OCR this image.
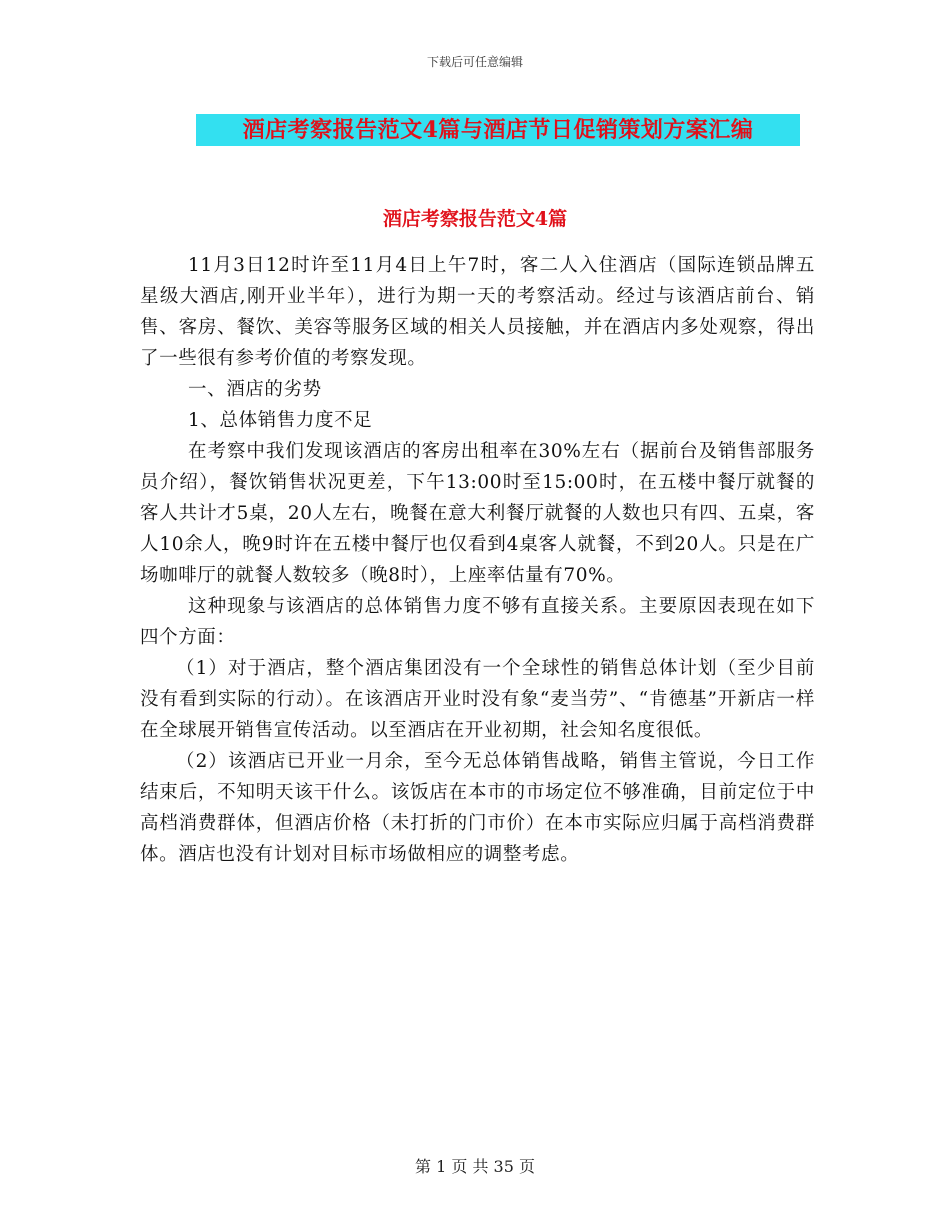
下载后可任意编辑
酒店考察报告范文4篇与酒店节日促销策划方案汇编
酒店考察报告范文4篇

11月3日12时许至11月4日上午7时，客二人入住酒店（国际连锁品牌五星级大酒店,刚开业半年），进行为期一天的考察活动。经过与该酒店前台、销售、客房、餐饮、美容等服务区域的相关人员接触，并在酒店内多处观察，得出了一些很有参考价值的考察发现。

一、酒店的劣势

1、总体销售力度不足

在考察中我们发现该酒店的客房出租率在30%左右（据前台及销售部服务员介绍），餐饮销售状况更差，下午13:00时至15:00时，在五楼中餐厅就餐的客人共计才5桌，20人左右，晚餐在意大利餐厅就餐的人数也只有四、五桌，客人10余人，晚9时许在五楼中餐厅也仅看到4桌客人就餐，不到20人。只是在广场咖啡厅的就餐人数较多（晚8时），上座率估量有70%。

这种现象与该酒店的总体销售力度不够有直接关系。主要原因表现在如下四个方面：

（1）对于酒店，整个酒店集团没有一个全球性的销售总体计划（至少目前没有看到实际的行动）。在该酒店开业时没有象“麦当劳”、“肯德基”开新店一样在全球展开销售宣传活动。以至酒店在开业初期，社会知名度很低。

（2）该酒店已开业一月余，至今无总体销售战略，销售主管说，今日工作结束后，不知明天该干什么。该饭店在本市的市场定位不够准确，目前定位于中高档消费群体，但酒店价格（未打折的门市价）在本市实际应归属于高档消费群体。酒店也没有计划对目标市场做相应的调整考虑。

第 1 页 共 35 页
